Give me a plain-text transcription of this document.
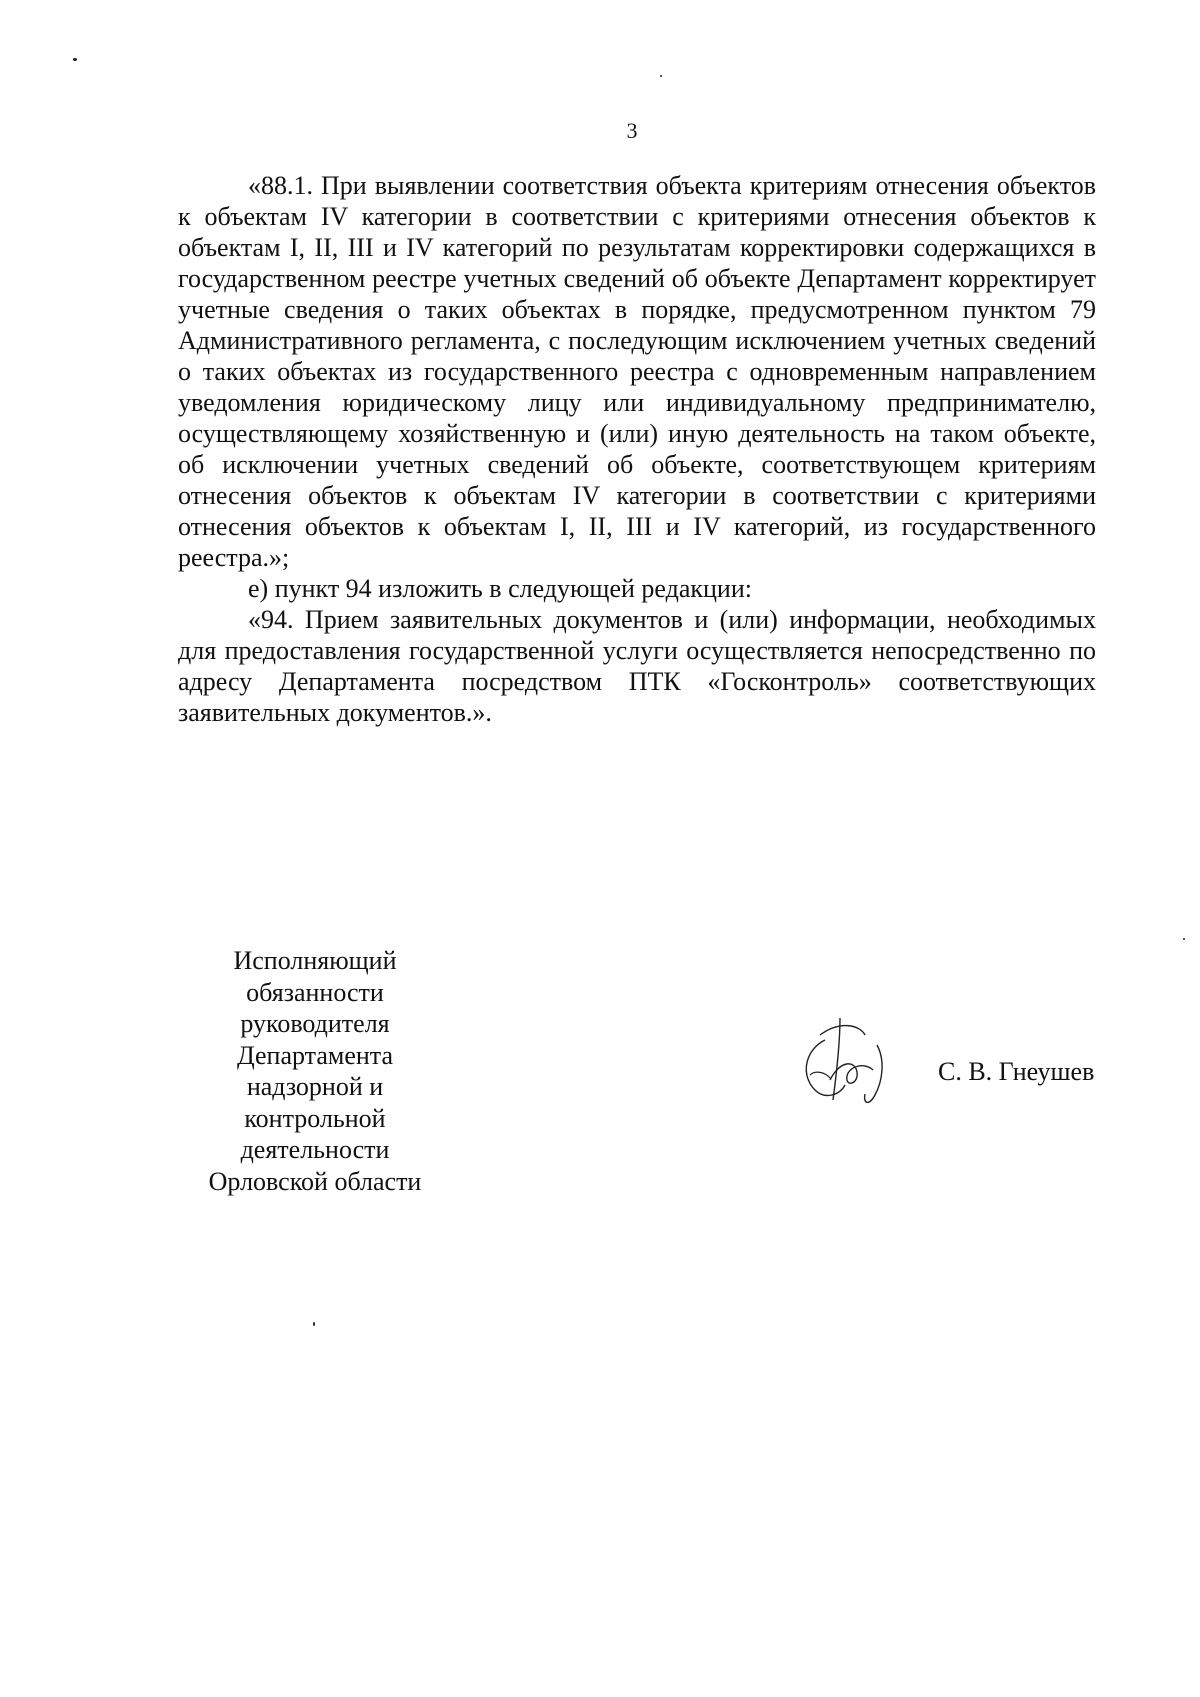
3

«88.1. При выявлении соответствия объекта критериям отнесения объектов к объектам IV категории в соответствии с критериями отнесения объектов к объектам I, II, III и IV категорий по результатам корректировки содержащихся в государственном реестре учетных сведений об объекте Департамент корректирует учетные сведения о таких объектах в порядке, предусмотренном пунктом 79 Административного регламента, с последующим исключением учетных сведений о таких объектах из государственного реестра с одновременным направлением уведомления юридическому лицу или индивидуальному предпринимателю, осуществляющему хозяйственную и (или) иную деятельность на таком объекте, об исключении учетных сведений об объекте, соответствующем критериям отнесения объектов к объектам IV категории в соответствии с критериями отнесения объектов к объектам I, II, III и IV категорий, из государственного реестра.»;

е) пункт 94 изложить в следующей редакции:

«94. Прием заявительных документов и (или) информации, необходимых для предоставления государственной услуги осуществляется непосредственно по адресу Департамента посредством ПТК «Госконтроль» соответствующих заявительных документов.».

Исполняющий
обязанности
руководителя
Департамента
надзорной и
контрольной
деятельности
Орловской области
С. В. Гнеушев
